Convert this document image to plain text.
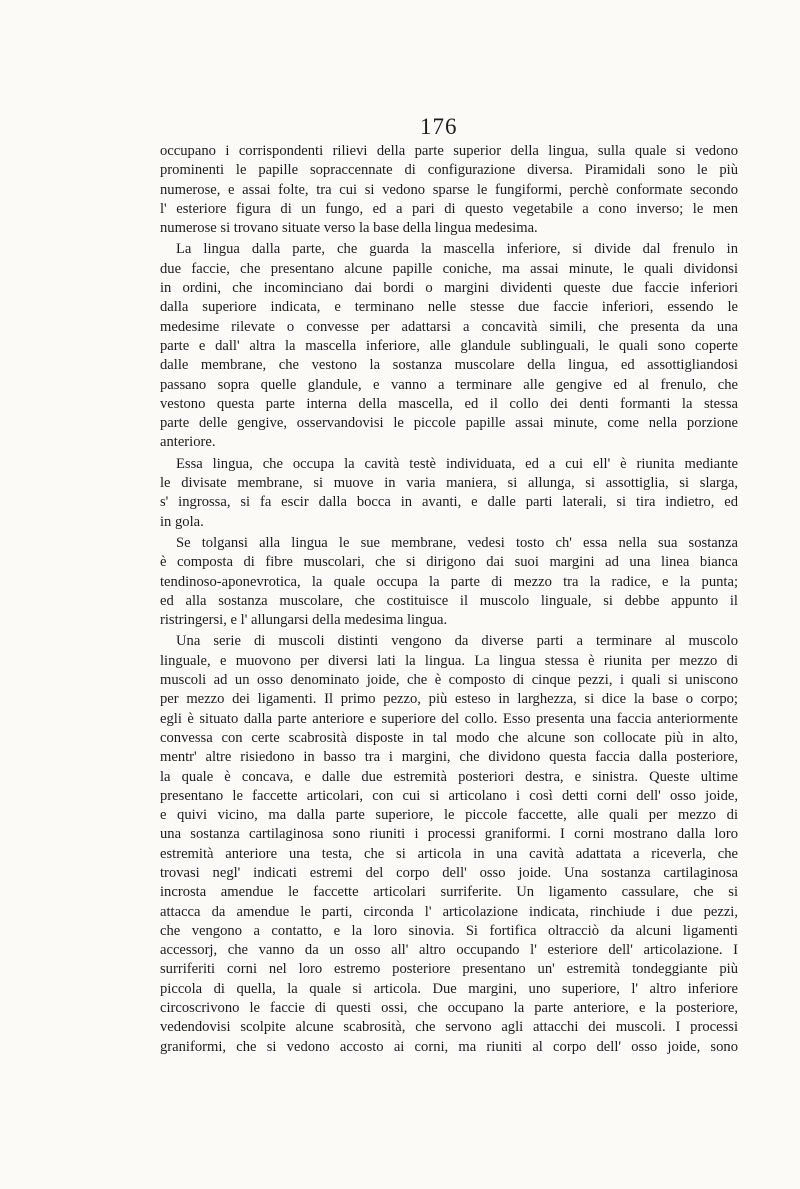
176

occupano i corrispondenti rilievi della parte superior della lingua, sulla quale si vedono
prominenti le papille sopraccennate di configurazione diversa. Piramidali sono le più
numerose, e assai folte, tra cui si vedono sparse le fungiformi, perchè conformate secondo
l' esteriore figura di un fungo, ed a pari di questo vegetabile a cono inverso; le men
numerose si trovano situate verso la base della lingua medesima.

La lingua dalla parte, che guarda la mascella inferiore, si divide dal frenulo in
due faccie, che presentano alcune papille coniche, ma assai minute, le quali dividonsi
in ordini, che incominciano dai bordi o margini dividenti queste due faccie inferiori
dalla superiore indicata, e terminano nelle stesse due faccie inferiori, essendo le
medesime rilevate o convesse per adattarsi a concavità simili, che presenta da una
parte e dall' altra la mascella inferiore, alle glandule sublinguali, le quali sono coperte
dalle membrane, che vestono la sostanza muscolare della lingua, ed assottigliandosi
passano sopra quelle glandule, e vanno a terminare alle gengive ed al frenulo, che
vestono questa parte interna della mascella, ed il collo dei denti formanti la stessa
parte delle gengive, osservandovisi le piccole papille assai minute, come nella porzione
anteriore.

Essa lingua, che occupa la cavità testè individuata, ed a cui ell' è riunita mediante
le divisate membrane, si muove in varia maniera, si allunga, si assottiglia, si slarga,
s' ingrossa, si fa escir dalla bocca in avanti, e dalle parti laterali, si tira indietro, ed
in gola.

Se tolgansi alla lingua le sue membrane, vedesi tosto ch' essa nella sua sostanza
è composta di fibre muscolari, che si dirigono dai suoi margini ad una linea bianca
tendinoso-aponevrotica, la quale occupa la parte di mezzo tra la radice, e la punta;
ed alla sostanza muscolare, che costituisce il muscolo linguale, si debbe appunto il
ristringersi, e l' allungarsi della medesima lingua.

Una serie di muscoli distinti vengono da diverse parti a terminare al muscolo
linguale, e muovono per diversi lati la lingua. La lingua stessa è riunita per mezzo di
muscoli ad un osso denominato joide, che è composto di cinque pezzi, i quali si uniscono
per mezzo dei ligamenti. Il primo pezzo, più esteso in larghezza, si dice la base o corpo;
egli è situato dalla parte anteriore e superiore del collo. Esso presenta una faccia anteriormente
convessa con certe scabrosità disposte in tal modo che alcune son collocate più in alto,
mentr' altre risiedono in basso tra i margini, che dividono questa faccia dalla posteriore,
la quale è concava, e dalle due estremità posteriori destra, e sinistra. Queste ultime
presentano le faccette articolari, con cui si articolano i così detti corni dell' osso joide,
e quivi vicino, ma dalla parte superiore, le piccole faccette, alle quali per mezzo di
una sostanza cartilaginosa sono riuniti i processi graniformi. I corni mostrano dalla loro
estremità anteriore una testa, che si articola in una cavità adattata a riceverla, che
trovasi negl' indicati estremi del corpo dell' osso joide. Una sostanza cartilaginosa
incrosta amendue le faccette articolari surriferite. Un ligamento cassulare, che si
attacca da amendue le parti, circonda l' articolazione indicata, rinchiude i due pezzi,
che vengono a contatto, e la loro sinovia. Si fortifica oltracciò da alcuni ligamenti
accessorj, che vanno da un osso all' altro occupando l' esteriore dell' articolazione. I
surriferiti corni nel loro estremo posteriore presentano un' estremità tondeggiante più
piccola di quella, la quale si articola. Due margini, uno superiore, l' altro inferiore
circoscrivono le faccie di questi ossi, che occupano la parte anteriore, e la posteriore,
vedendovisi scolpite alcune scabrosità, che servono agli attacchi dei muscoli. I processi
graniformi, che si vedono accosto ai corni, ma riuniti al corpo dell' osso joide, sono
